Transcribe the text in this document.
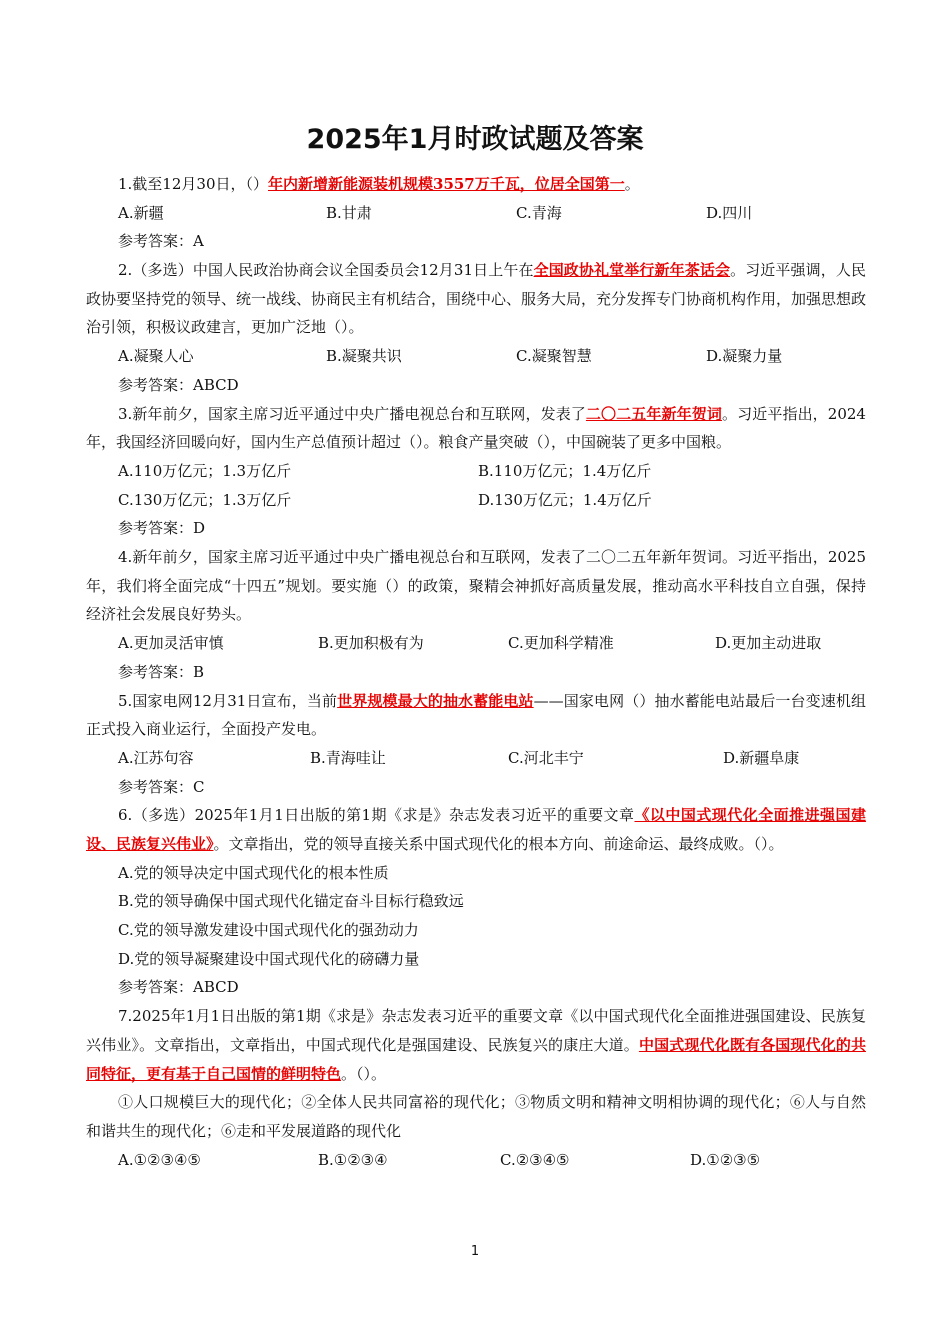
2025年1月时政试题及答案

1.截至12月30日，（）年内新增新能源装机规模3557万千瓦，位居全国第一。

A.新疆	B.甘肃	C.青海	D.四川
参考答案：A

2.（多选）中国人民政治协商会议全国委员会12月31日上午在全国政协礼堂举行新年茶话会。习近平强调，人民政协要坚持党的领导、统一战线、协商民主有机结合，围绕中心、服务大局，充分发挥专门协商机构作用，加强思想政治引领，积极议政建言，更加广泛地（）。

A.凝聚人心	B.凝聚共识	C.凝聚智慧	D.凝聚力量
参考答案：ABCD

3.新年前夕，国家主席习近平通过中央广播电视总台和互联网，发表了二〇二五年新年贺词。习近平指出，2024年，我国经济回暖向好，国内生产总值预计超过（）。粮食产量突破（），中国碗装了更多中国粮。

A.110万亿元；1.3万亿斤	B.110万亿元；1.4万亿斤
C.130万亿元；1.3万亿斤	D.130万亿元；1.4万亿斤
参考答案：D

4.新年前夕，国家主席习近平通过中央广播电视总台和互联网，发表了二〇二五年新年贺词。习近平指出，2025年，我们将全面完成“十四五”规划。要实施（）的政策，聚精会神抓好高质量发展，推动高水平科技自立自强，保持经济社会发展良好势头。

A.更加灵活审慎	B.更加积极有为	C.更加科学精准	D.更加主动进取
参考答案：B

5.国家电网12月31日宣布，当前世界规模最大的抽水蓄能电站——国家电网（）抽水蓄能电站最后一台变速机组正式投入商业运行，全面投产发电。

A.江苏句容	B.青海哇让	C.河北丰宁	D.新疆阜康
参考答案：C

6.（多选）2025年1月1日出版的第1期《求是》杂志发表习近平的重要文章《以中国式现代化全面推进强国建设、民族复兴伟业》。文章指出，党的领导直接关系中国式现代化的根本方向、前途命运、最终成败。（）。

A.党的领导决定中国式现代化的根本性质
B.党的领导确保中国式现代化锚定奋斗目标行稳致远
C.党的领导激发建设中国式现代化的强劲动力
D.党的领导凝聚建设中国式现代化的磅礴力量
参考答案：ABCD

7.2025年1月1日出版的第1期《求是》杂志发表习近平的重要文章《以中国式现代化全面推进强国建设、民族复兴伟业》。文章指出，文章指出，中国式现代化是强国建设、民族复兴的康庄大道。中国式现代化既有各国现代化的共同特征，更有基于自己国情的鲜明特色。（）。

①人口规模巨大的现代化；②全体人民共同富裕的现代化；③物质文明和精神文明相协调的现代化；⑥人与自然和谐共生的现代化；⑥走和平发展道路的现代化

A.①②③④⑤	B.①②③④	C.②③④⑤	D.①②③⑤
1
